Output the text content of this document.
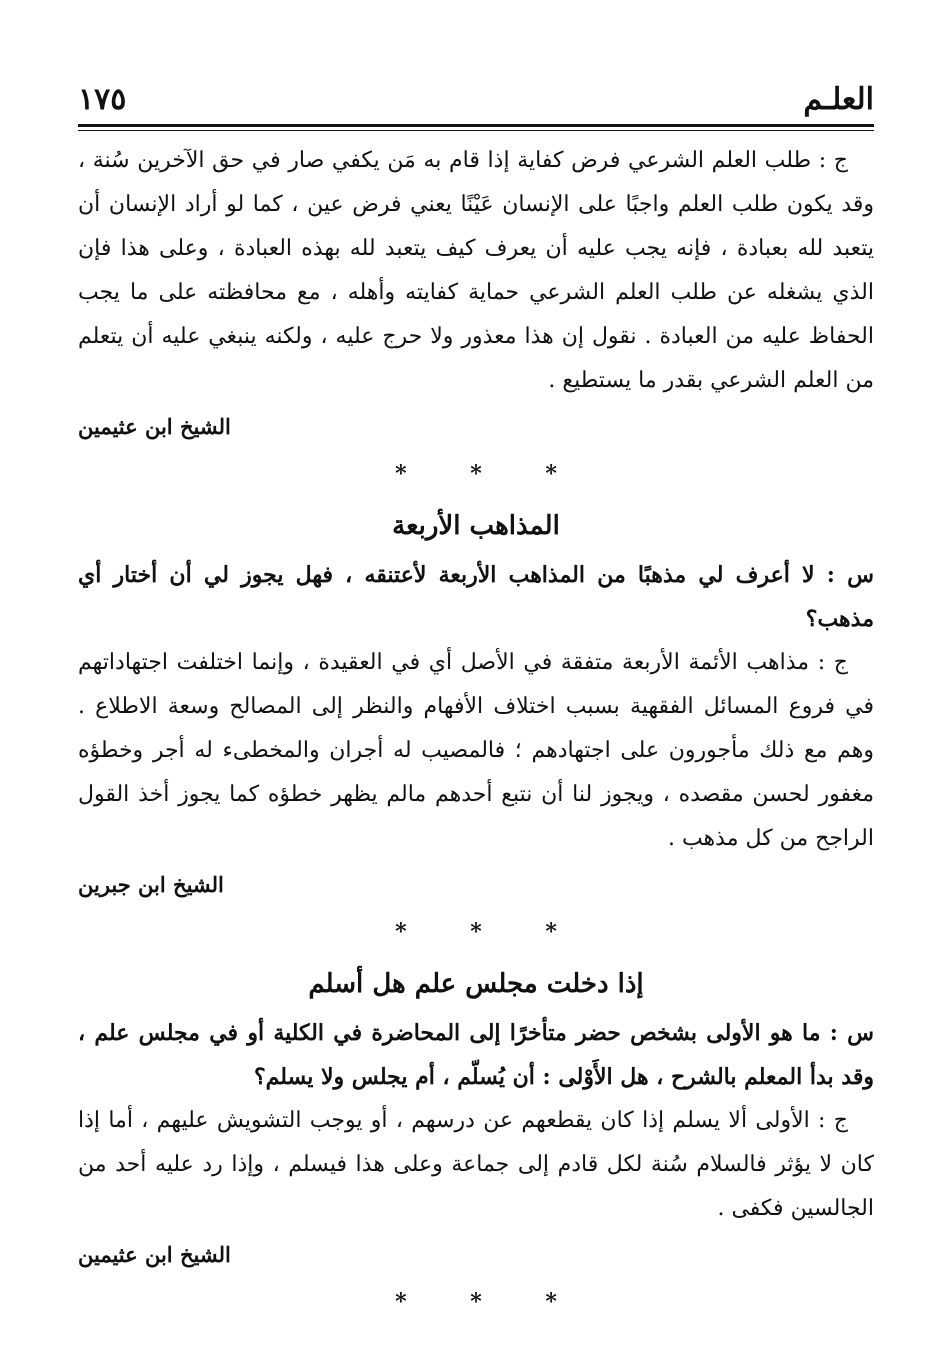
العلـم
١٧٥

ج : طلب العلم الشرعي فرض كفاية إذا قام به مَن يكفي صار في حق الآخرين سُنة ، وقد يكون طلب العلم واجبًا على الإنسان عَيْنًا يعني فرض عين ، كما لو أراد الإنسان أن يتعبد لله بعبادة ، فإنه يجب عليه أن يعرف كيف يتعبد لله بهذه العبادة ، وعلى هذا فإن الذي يشغله عن طلب العلم الشرعي حماية كفايته وأهله ، مع محافظته على ما يجب الحفاظ عليه من العبادة . نقول إن هذا معذور ولا حرج عليه ، ولكنه ينبغي عليه أن يتعلم من العلم الشرعي بقدر ما يستطيع .

الشيخ ابن عثيمين

* * *

المذاهب الأربعة

س : لا أعرف لي مذهبًا من المذاهب الأربعة لأعتنقه ، فهل يجوز لي أن أختار أي مذهب؟

ج : مذاهب الأئمة الأربعة متفقة في الأصل أي في العقيدة ، وإنما اختلفت اجتهاداتهم في فروع المسائل الفقهية بسبب اختلاف الأفهام والنظر إلى المصالح وسعة الاطلاع . وهم مع ذلك مأجورون على اجتهادهم ؛ فالمصيب له أجران والمخطىء له أجر وخطؤه مغفور لحسن مقصده ، ويجوز لنا أن نتبع أحدهم مالم يظهر خطؤه كما يجوز أخذ القول الراجح من كل مذهب .

الشيخ ابن جبرين

* * *

إذا دخلت مجلس علم هل أسلم

س : ما هو الأولى بشخص حضر متأخرًا إلى المحاضرة في الكلية أو في مجلس علم ، وقد بدأ المعلم بالشرح ، هل الأَوْلى : أن يُسلّم ، أم يجلس ولا يسلم؟

ج : الأولى ألا يسلم إذا كان يقطعهم عن درسهم ، أو يوجب التشويش عليهم ، أما إذا كان لا يؤثر فالسلام سُنة لكل قادم إلى جماعة وعلى هذا فيسلم ، وإذا رد عليه أحد من الجالسين فكفى .

الشيخ ابن عثيمين

* * *
